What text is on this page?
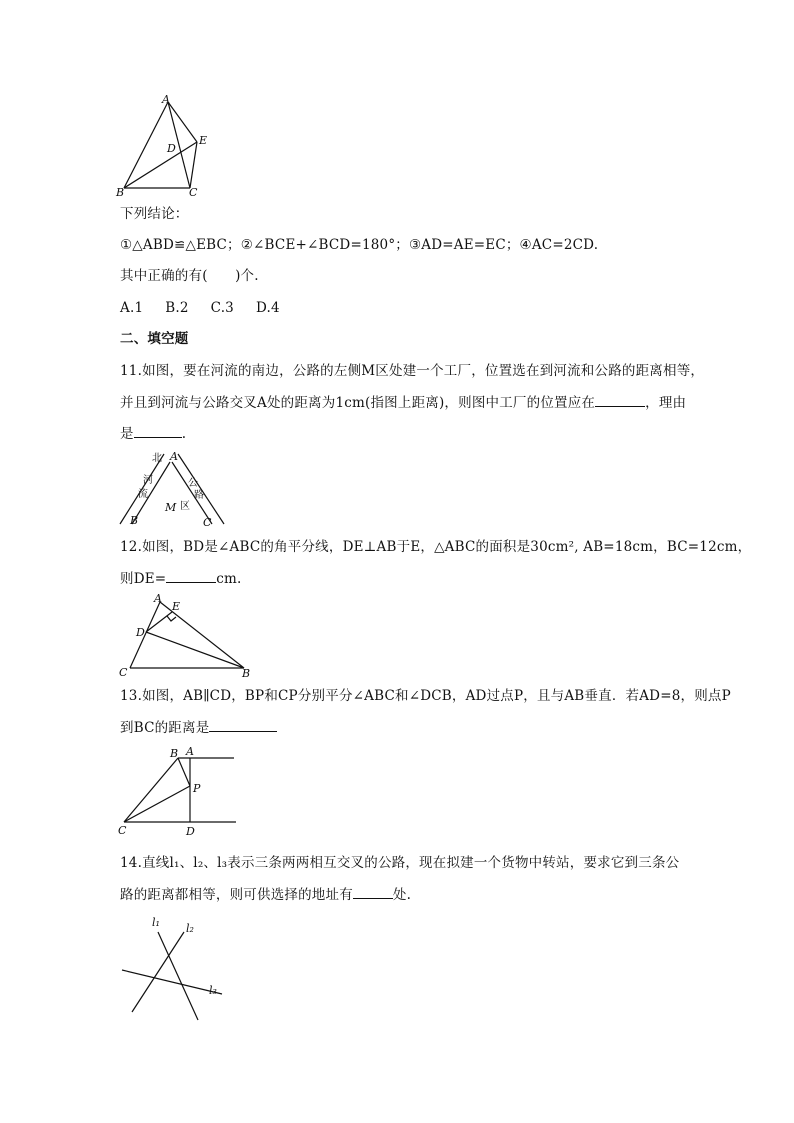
A
B	C
D
E
下列结论：
①△ABD≌△EBC；②∠BCE+∠BCD=180°；③AD=AE=EC；④AC=2CD.
其中正确的有(　　)个.
A.1 B.2 C.3 D.4
二、填空题
11.如图，要在河流的南边，公路的左侧M区处建一个工厂，位置选在到河流和公路的距离相等，
并且到河流与公路交叉A处的距离为1cm(指图上距离)，则图中工厂的位置应在	，理由
是	.
北 A
河
流
公
路
M 区
B	C
12.如图，BD是∠ABC的角平分线，DE⊥AB于E，△ABC的面积是30cm², AB=18cm，BC=12cm，
则DE=	cm.
A
E
D
C	B
13.如图，AB∥CD，BP和CP分别平分∠ABC和∠DCB，AD过点P，且与AB垂直．若AD=8，则点P
到BC的距离是
B A
P
C	D
14.直线l₁、l₂、l₃表示三条两两相互交叉的公路，现在拟建一个货物中转站，要求它到三条公
路的距离都相等，则可供选择的地址有	处.
l₁ l₂
l₃
